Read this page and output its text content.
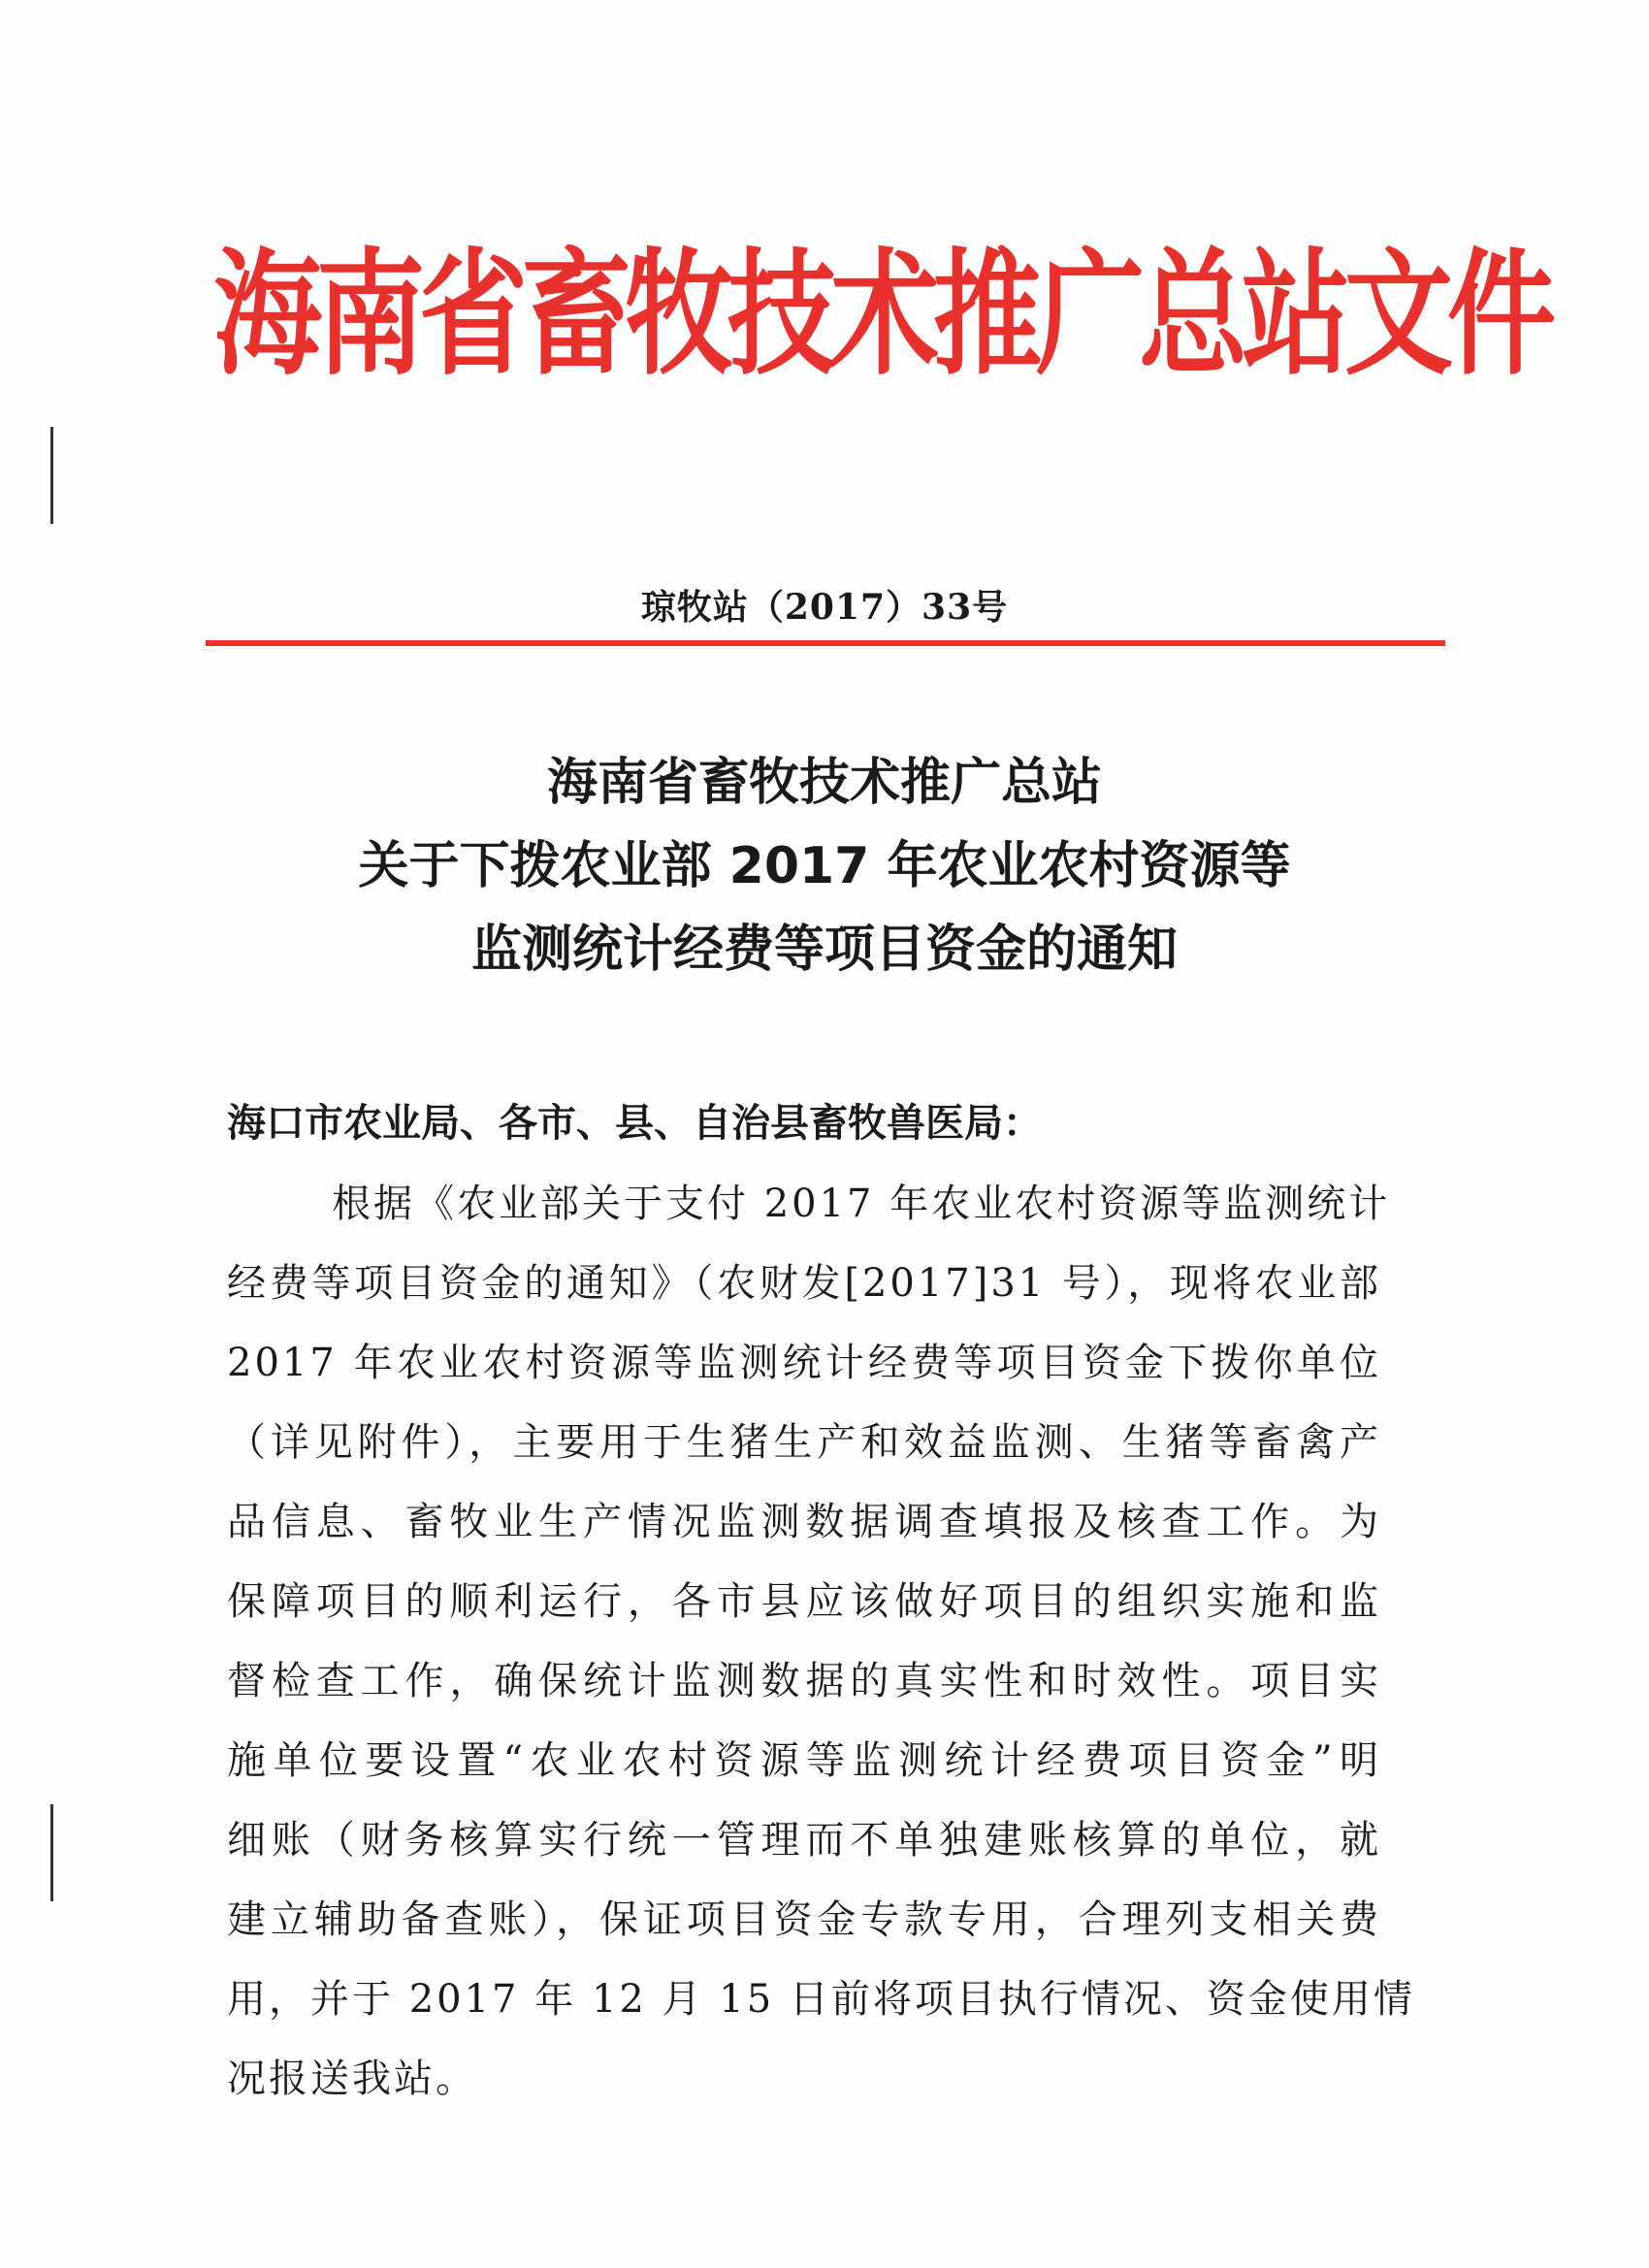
海南省畜牧技术推广总站文件
琼牧站（2017）33号
海南省畜牧技术推广总站
关于下拨农业部 2017 年农业农村资源等
监测统计经费等项目资金的通知
海口市农业局、各市、县、自治县畜牧兽医局：
根据《农业部关于支付 2017 年农业农村资源等监测统计
经费等项目资金的通知》（农财发[2017]31 号），现将农业部
2017 年农业农村资源等监测统计经费等项目资金下拨你单位
（详见附件），主要用于生猪生产和效益监测、生猪等畜禽产
品信息、畜牧业生产情况监测数据调查填报及核查工作。为
保障项目的顺利运行，各市县应该做好项目的组织实施和监
督检查工作，确保统计监测数据的真实性和时效性。项目实
施单位要设置“农业农村资源等监测统计经费项目资金”明
细账（财务核算实行统一管理而不单独建账核算的单位，就
建立辅助备查账），保证项目资金专款专用，合理列支相关费
用，并于 2017 年 12 月 15 日前将项目执行情况、资金使用情
况报送我站。
